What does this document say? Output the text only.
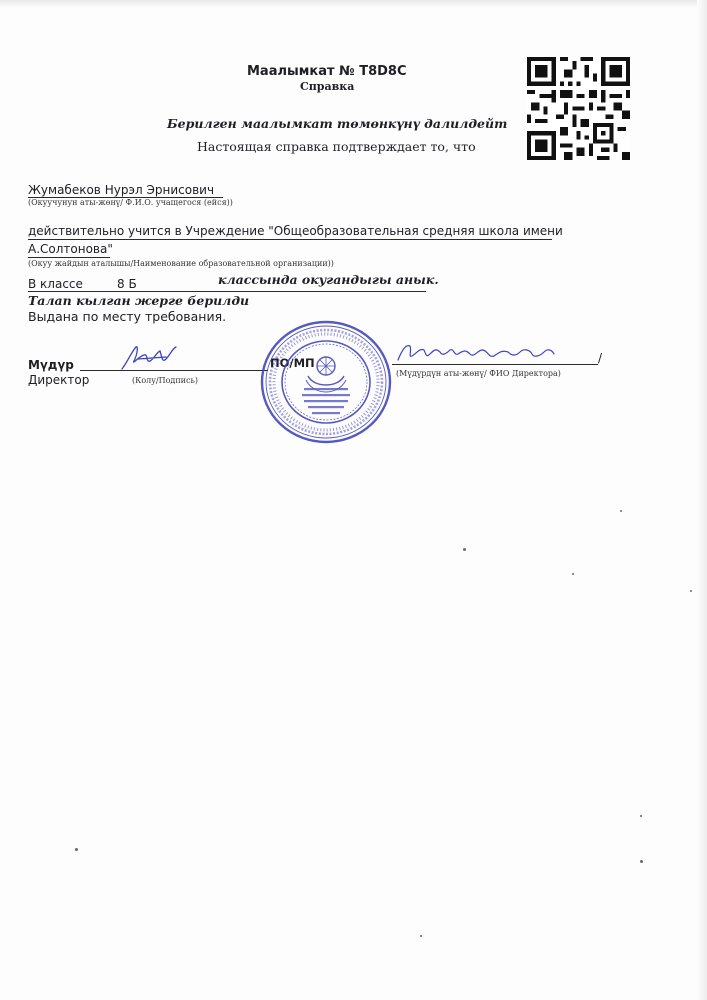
Маалымкат № T8D8C
Справка
Берилген маалымкат төмөнкүнү далилдейт
Настоящая справка подтверждает то, что
Жумабеков Нурэл Эрнисович
(Окуучунун аты-жөнү/ Ф.И.О. учащегося (ейся))
действительно учится в Учреждение "Общеобразовательная средняя школа имени
А.Солтонова"
(Окуу жайдын аталышы/Наименование образовательной организации))
В классе	8 Б	классында окугандыгы анык.
Талап кылган жерге берилди
Выдана по месту требования.
Мүдүр
Директор	(Колу/Подпись)
ПО/МП
(Мүдүрдүн аты-жөнү/ ФИО Директора)
/
